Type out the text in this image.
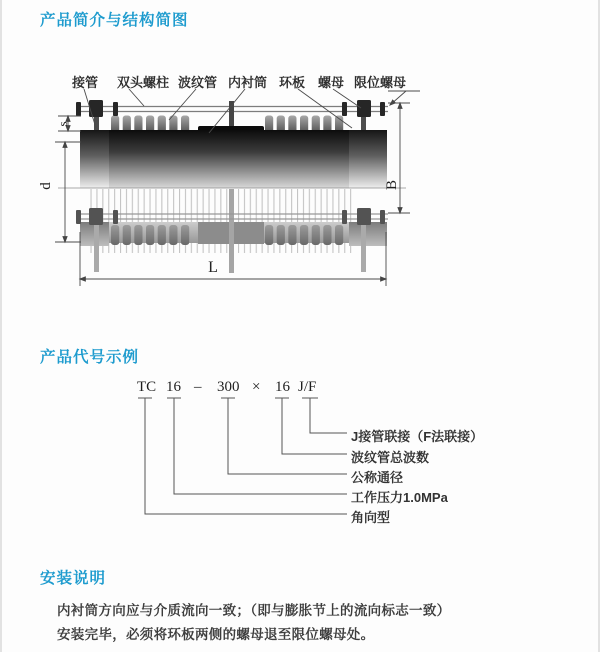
产品简介与结构简图
接管 双头螺柱 波纹管 内衬筒 环板 螺母 限位螺母
产品代号示例
TC 16 – 300 × 16 J/F
J接管联接（F法联接）
波纹管总波数
公称通径
工作压力1.0MPa
角向型
安装说明
内衬筒方向应与介质流向一致；（即与膨胀节上的流向标志一致）
安装完毕，必须将环板两侧的螺母退至限位螺母处。
s
d	B
L
